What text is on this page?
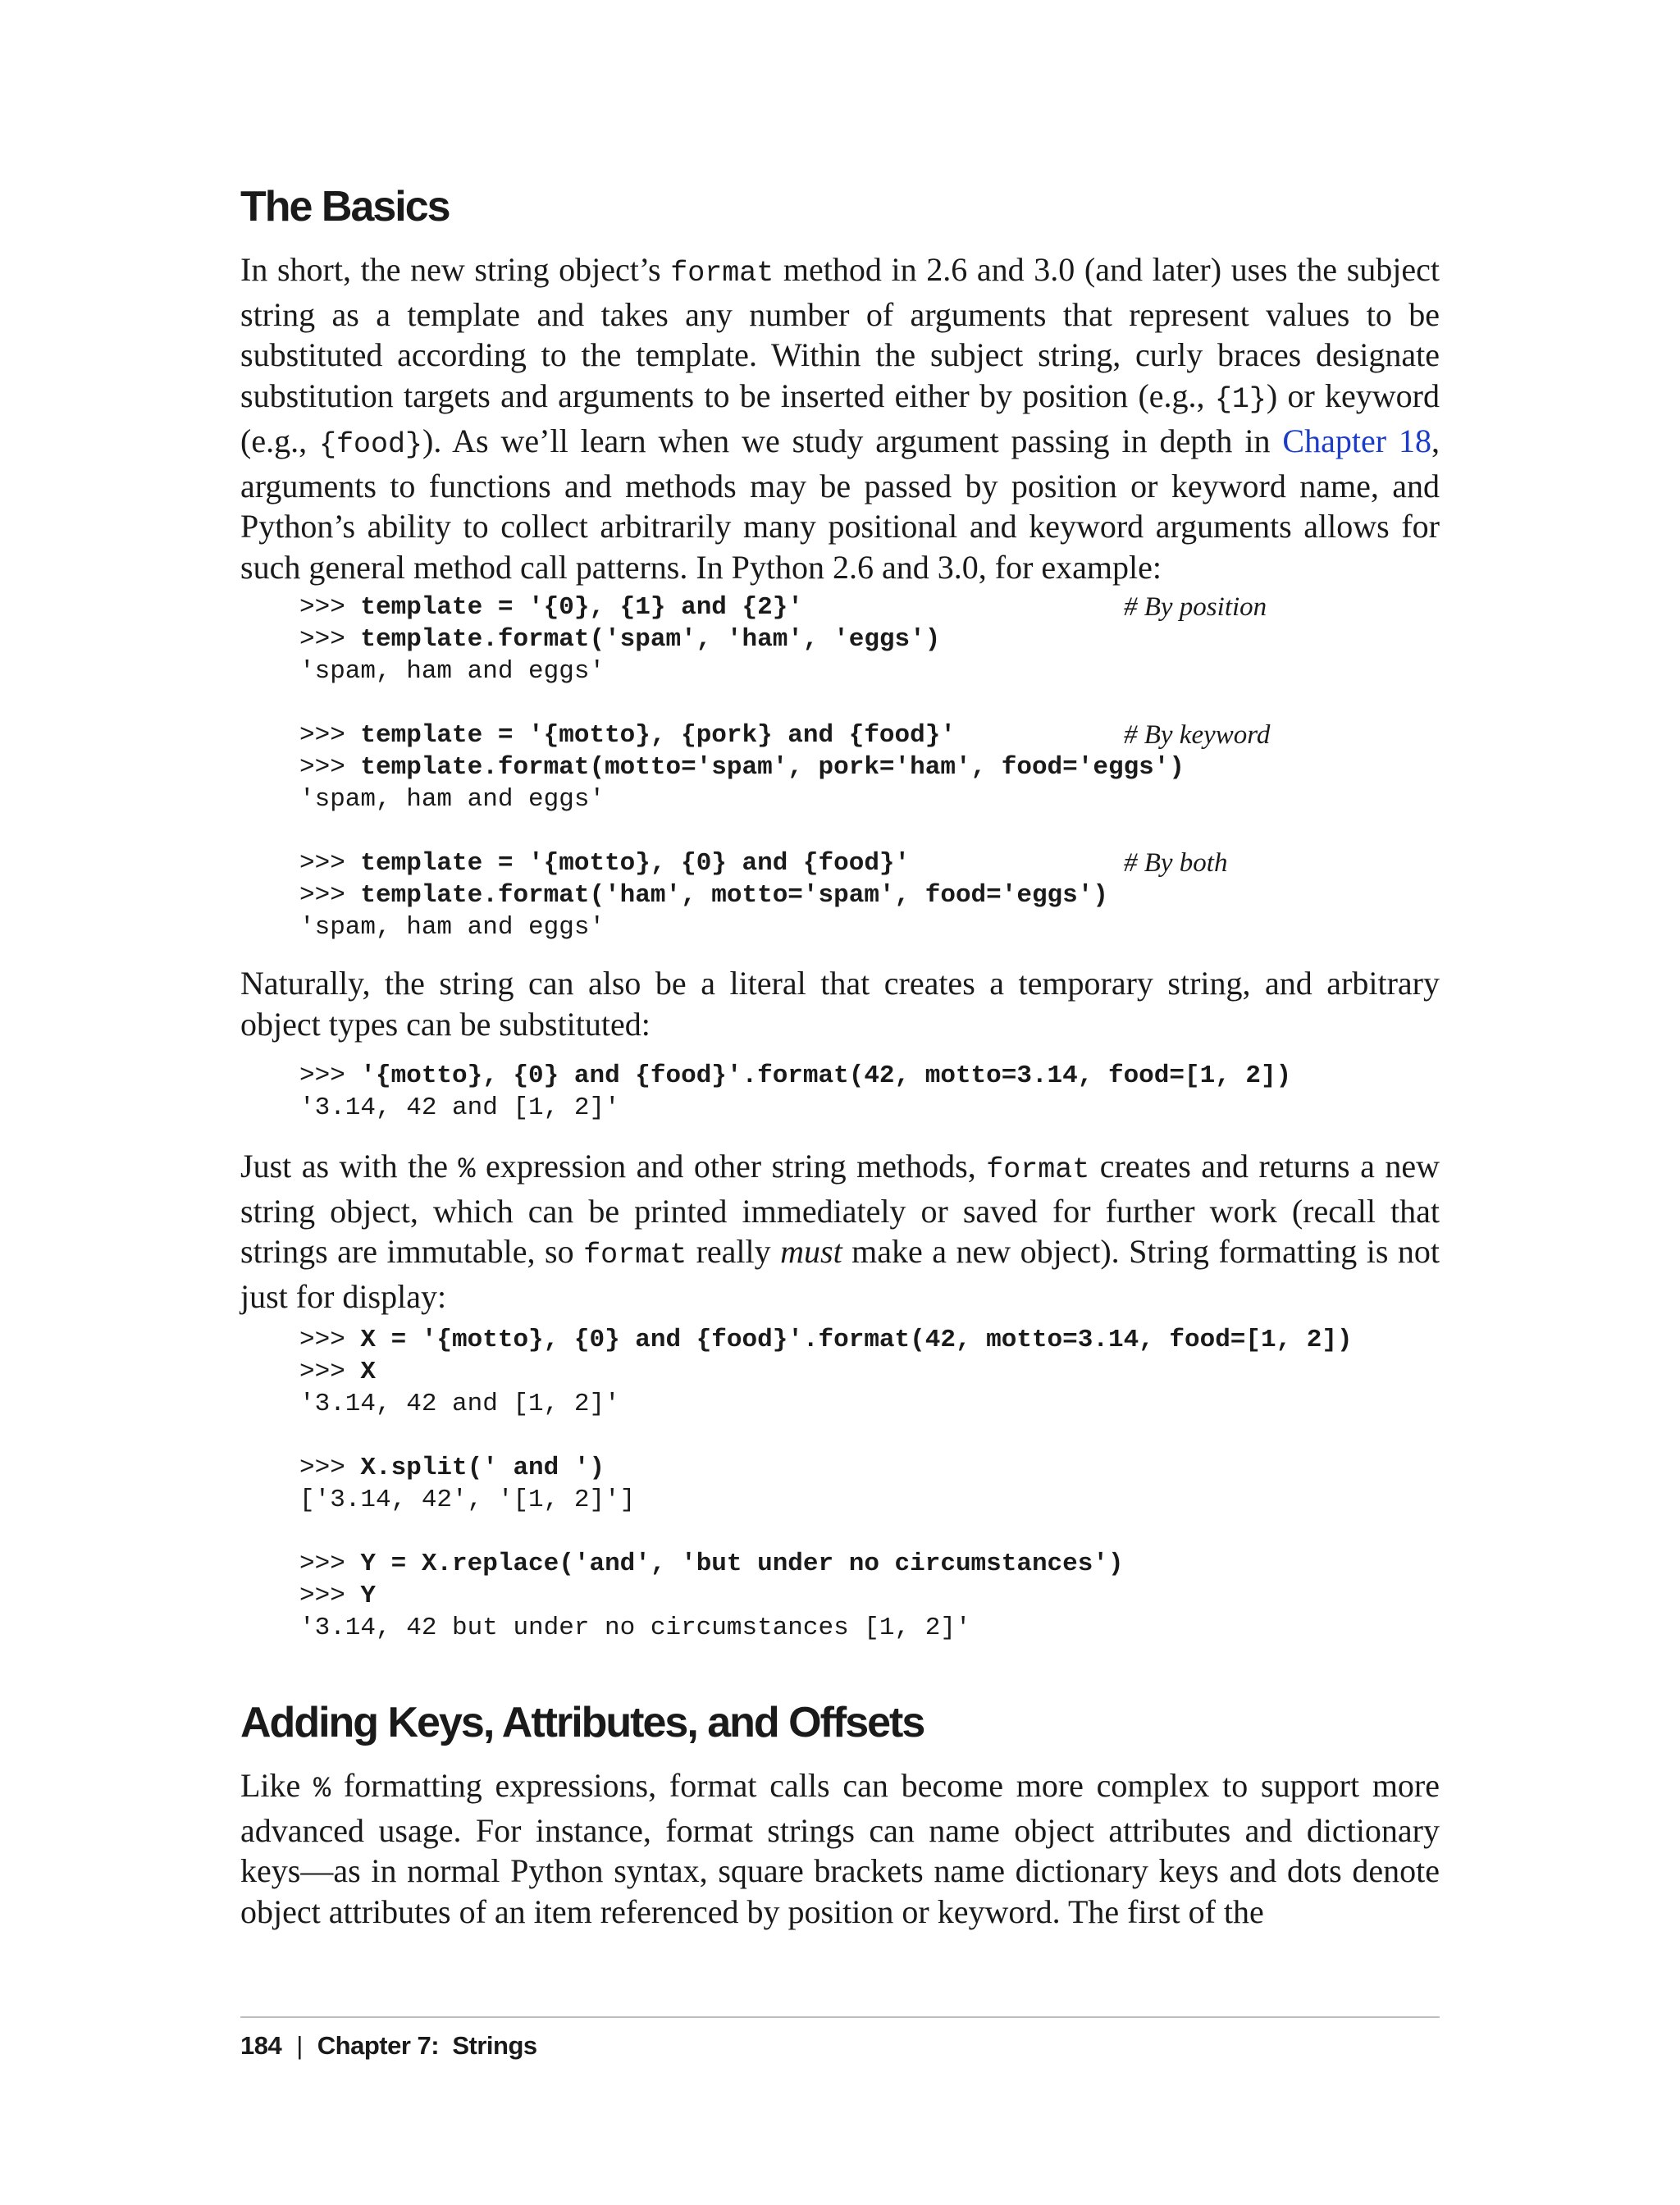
The Basics

In short, the new string object’s format method in 2.6 and 3.0 (and later) uses the subject string as a template and takes any number of arguments that represent values to be substituted according to the template. Within the subject string, curly braces designate substitution targets and arguments to be inserted either by position (e.g., {1}) or keyword (e.g., {food}). As we’ll learn when we study argument passing in depth in Chapter 18, arguments to functions and methods may be passed by position or keyword name, and Python’s ability to collect arbitrarily many positional and keyword arguments allows for such general method call patterns. In Python 2.6 and 3.0, for example:

>>> template = '{0}, {1} and {2}'	# By position
>>> template.format('spam', 'ham', 'eggs')
'spam, ham and eggs'
>>> template = '{motto}, {pork} and {food}'	# By keyword
>>> template.format(motto='spam', pork='ham', food='eggs')
'spam, ham and eggs'
>>> template = '{motto}, {0} and {food}'	# By both
>>> template.format('ham', motto='spam', food='eggs')
'spam, ham and eggs'

Naturally, the string can also be a literal that creates a temporary string, and arbitrary object types can be substituted:

>>> '{motto}, {0} and {food}'.format(42, motto=3.14, food=[1, 2])
'3.14, 42 and [1, 2]'

Just as with the % expression and other string methods, format creates and returns a new string object, which can be printed immediately or saved for further work (recall that strings are immutable, so format really must make a new object). String formatting is not just for display:

>>> X = '{motto}, {0} and {food}'.format(42, motto=3.14, food=[1, 2])
>>> X
'3.14, 42 and [1, 2]'
>>> X.split(' and ')
['3.14, 42', '[1, 2]']
>>> Y = X.replace('and', 'but under no circumstances')
>>> Y
'3.14, 42 but under no circumstances [1, 2]'
Adding Keys, Attributes, and Offsets

Like % formatting expressions, format calls can become more complex to support more advanced usage. For instance, format strings can name object attributes and dictionary keys—as in normal Python syntax, square brackets name dictionary keys and dots denote object attributes of an item referenced by position or keyword. The first of the

184 | Chapter 7:  Strings
